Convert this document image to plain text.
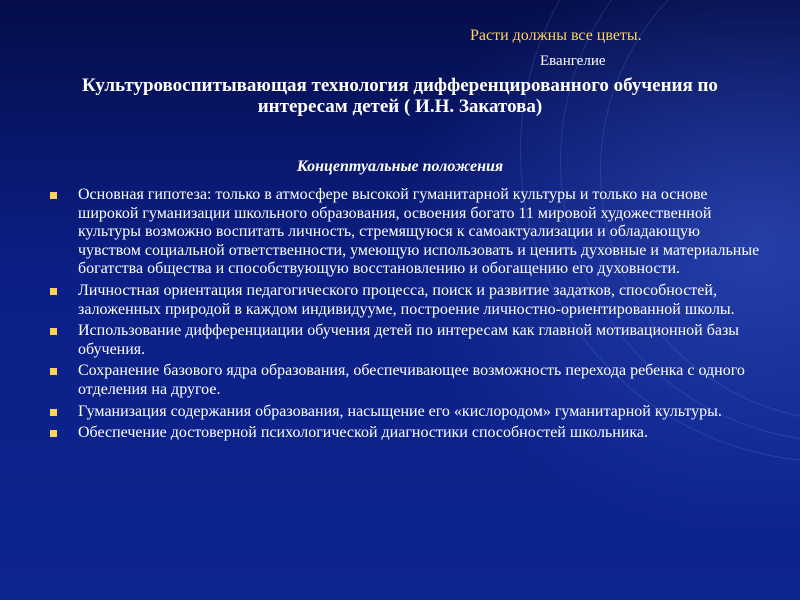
Расти должны все цветы.
Евангелие
Культуровоспитывающая технология дифференцированного обучения по интересам детей ( И.Н. Закатова)
Концептуальные положения
Основная гипотеза: только в атмосфере высокой гуманитарной культуры и только на основе широкой гуманизации школьного образования, освоения богато 11 мировой художественной культуры возможно воспитать личность, стремящуюся к самоактуализации и обладающую чувством социальной ответственности, умеющую использовать и ценить духовные и материальные богатства общества и способствующую восстановлению и обогащению его духовности.
Личностная ориентация педагогического процесса, поиск и развитие задатков, способностей, заложенных природой в каждом индивидууме, построение личностно-ориентированной школы.
Использование дифференциации обучения детей по интересам как главной мотивационной базы обучения.
Сохранение базового ядра образования, обеспечивающее возможность перехода ребенка с одного отделения на другое.
Гуманизация содержания образования, насыщение его «кислородом» гуманитарной культуры.
Обеспечение достоверной психологической диагностики способностей школьника.
